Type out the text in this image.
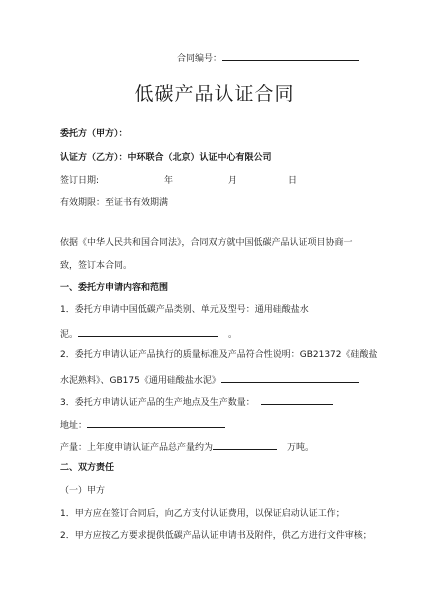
合同编号：
低碳产品认证合同
委托方（甲方）：
认证方（乙方）：中环联合（北京）认证中心有限公司
签订日期:	年	月	日
有效期限：至证书有效期满
依据《中华人民共和国合同法》，合同双方就中国低碳产品认证项目协商一
致，签订本合同。
一、委托方申请内容和范围
1．委托方申请中国低碳产品类别、单元及型号：通用硅酸盐水
泥。	。
2．委托方申请认证产品执行的质量标准及产品符合性说明：GB21372《硅酸盐
水泥熟料》、GB175《通用硅酸盐水泥》
3．委托方申请认证产品的生产地点及生产数量：
地址：
产量：上年度申请认证产品总产量约为	万吨。
二、双方责任
（一）甲方
1．甲方应在签订合同后，向乙方支付认证费用，以保证启动认证工作；
2．甲方应按乙方要求提供低碳产品认证申请书及附件，供乙方进行文件审核；
